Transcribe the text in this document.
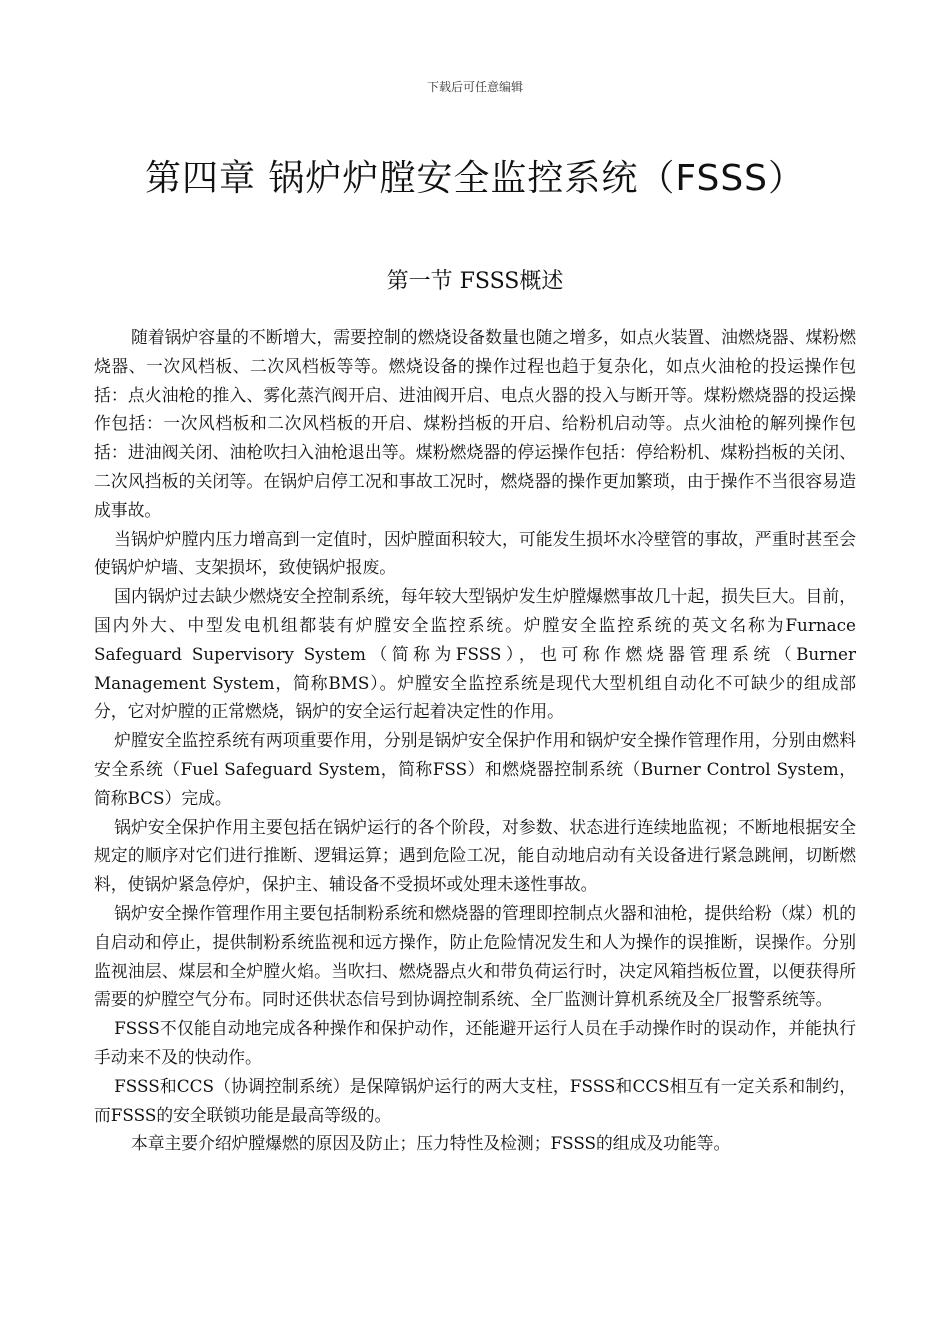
下载后可任意编辑
第四章 锅炉炉膛安全监控系统（FSSS）
第一节 FSSS概述

随着锅炉容量的不断增大，需要控制的燃烧设备数量也随之增多，如点火装置、油燃烧器、煤粉燃烧器、一次风档板、二次风档板等等。燃烧设备的操作过程也趋于复杂化，如点火油枪的投运操作包括：点火油枪的推入、雾化蒸汽阀开启、进油阀开启、电点火器的投入与断开等。煤粉燃烧器的投运操作包括：一次风档板和二次风档板的开启、煤粉挡板的开启、给粉机启动等。点火油枪的解列操作包括：进油阀关闭、油枪吹扫入油枪退出等。煤粉燃烧器的停运操作包括：停给粉机、煤粉挡板的关闭、二次风挡板的关闭等。在锅炉启停工况和事故工况时，燃烧器的操作更加繁琐，由于操作不当很容易造成事故。

当锅炉炉膛内压力增高到一定值时，因炉膛面积较大，可能发生损坏水冷壁管的事故，严重时甚至会使锅炉炉墙、支架损坏，致使锅炉报废。

国内锅炉过去缺少燃烧安全控制系统，每年较大型锅炉发生炉膛爆燃事故几十起，损失巨大。目前，国内外大、中型发电机组都装有炉膛安全监控系统。炉膛安全监控系统的英文名称为Furnace Safeguard Supervisory System（简称为FSSS），也可称作燃烧器管理系统（Burner Management System，简称BMS）。炉膛安全监控系统是现代大型机组自动化不可缺少的组成部分，它对炉膛的正常燃烧，锅炉的安全运行起着决定性的作用。

炉膛安全监控系统有两项重要作用，分别是锅炉安全保护作用和锅炉安全操作管理作用，分别由燃料安全系统（Fuel Safeguard System，简称FSS）和燃烧器控制系统（Burner Control System，简称BCS）完成。

锅炉安全保护作用主要包括在锅炉运行的各个阶段，对参数、状态进行连续地监视；不断地根据安全规定的顺序对它们进行推断、逻辑运算；遇到危险工况，能自动地启动有关设备进行紧急跳闸，切断燃料，使锅炉紧急停炉，保护主、辅设备不受损坏或处理未遂性事故。

锅炉安全操作管理作用主要包括制粉系统和燃烧器的管理即控制点火器和油枪，提供给粉（煤）机的自启动和停止，提供制粉系统监视和远方操作，防止危险情况发生和人为操作的误推断，误操作。分别监视油层、煤层和全炉膛火焰。当吹扫、燃烧器点火和带负荷运行时，决定风箱挡板位置，以便获得所需要的炉膛空气分布。同时还供状态信号到协调控制系统、全厂监测计算机系统及全厂报警系统等。

FSSS不仅能自动地完成各种操作和保护动作，还能避开运行人员在手动操作时的误动作，并能执行手动来不及的快动作。

FSSS和CCS（协调控制系统）是保障锅炉运行的两大支柱，FSSS和CCS相互有一定关系和制约，而FSSS的安全联锁功能是最高等级的。

本章主要介绍炉膛爆燃的原因及防止；压力特性及检测；FSSS的组成及功能等。
